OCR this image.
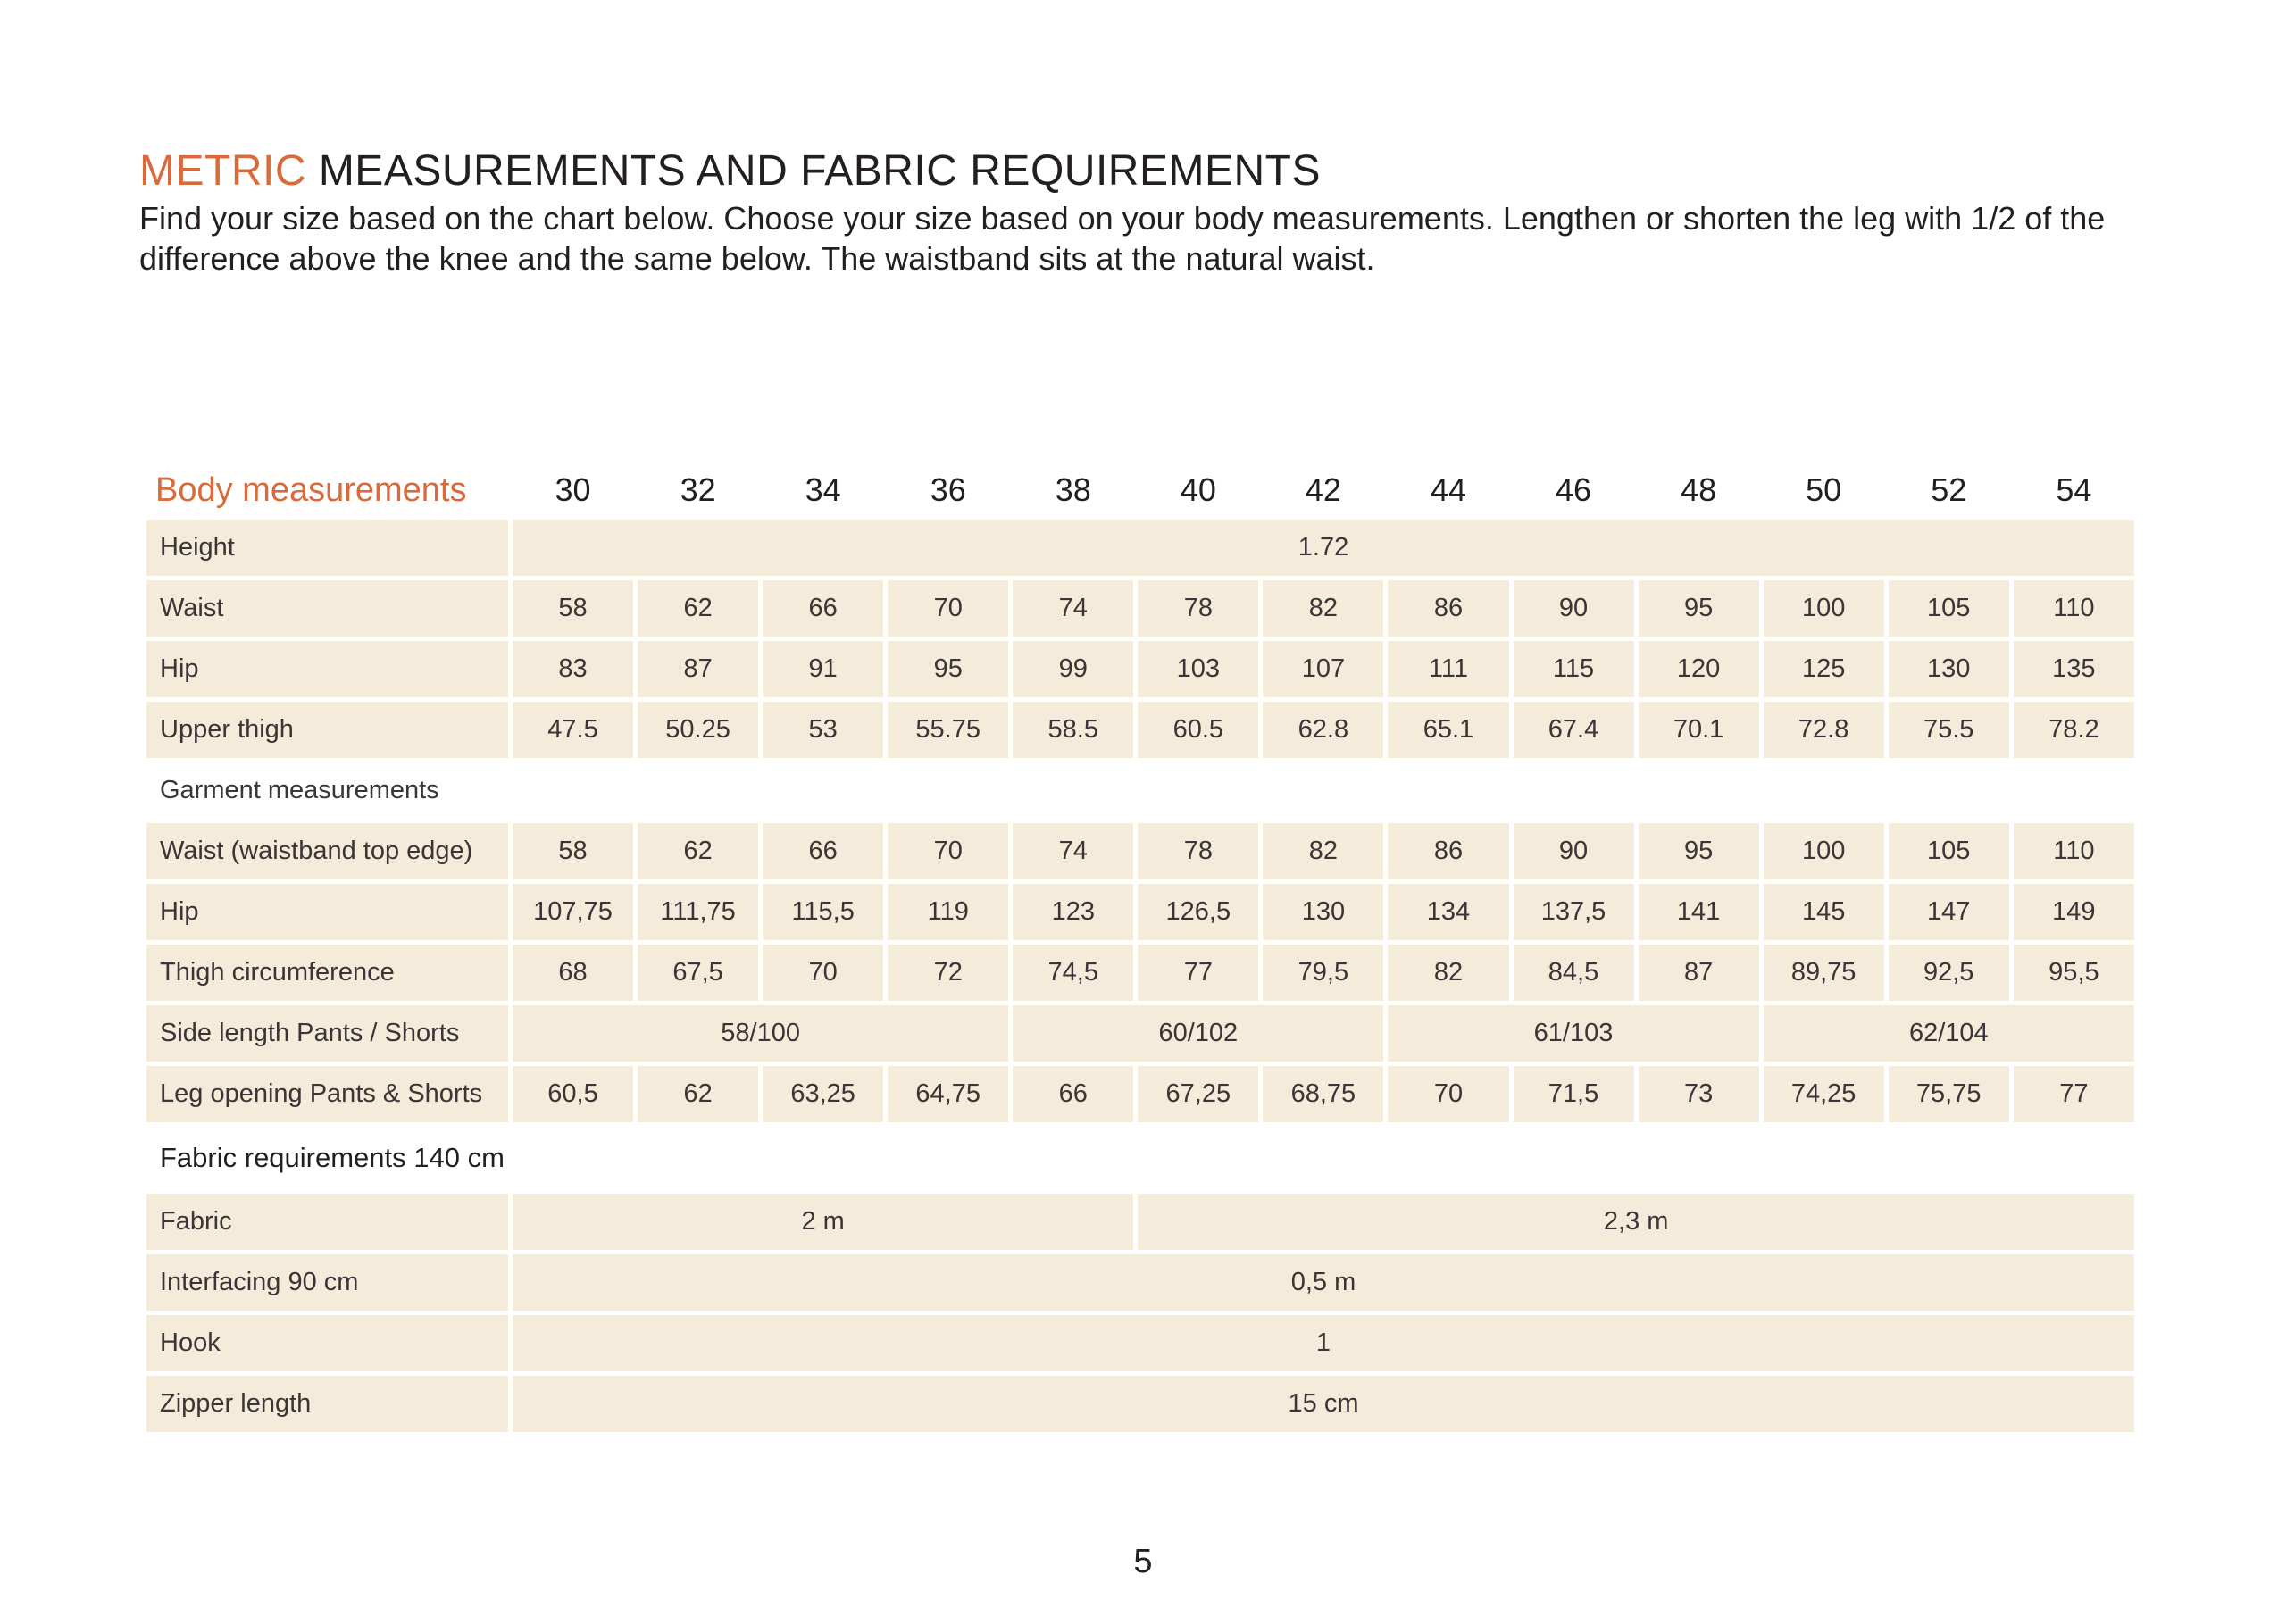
METRIC MEASUREMENTS AND FABRIC REQUIREMENTS

Find your size based on the chart below. Choose your size based on your body measurements. Lengthen or shorten the leg with 1/2 of the difference above the knee and the same below. The waistband sits at the natural waist.

Body measurements	30	32	34	36	38	40	42	44	46	48	50	52	54
Height	1.72												
Waist	58	62	66	70	74	78	82	86	90	95	100	105	110
Hip	83	87	91	95	99	103	107	111	115	120	125	130	135
Upper thigh	47.5	50.25	53	55.75	58.5	60.5	62.8	65.1	67.4	70.1	72.8	75.5	78.2
Garment measurements													
Waist (waistband top edge)	58	62	66	70	74	78	82	86	90	95	100	105	110
Hip	107,75	111,75	115,5	119	123	126,5	130	134	137,5	141	145	147	149
Thigh circumference	68	67,5	70	72	74,5	77	79,5	82	84,5	87	89,75	92,5	95,5
Side length Pants / Shorts	58/100				60/102			61/103			62/104		
Leg opening Pants & Shorts	60,5	62	63,25	64,75	66	67,25	68,75	70	71,5	73	74,25	75,75	77
Fabric requirements 140 cm													
Fabric	2 m					2,3 m							
Interfacing 90 cm	0,5 m												
Hook	1												
Zipper length	15 cm												
5
